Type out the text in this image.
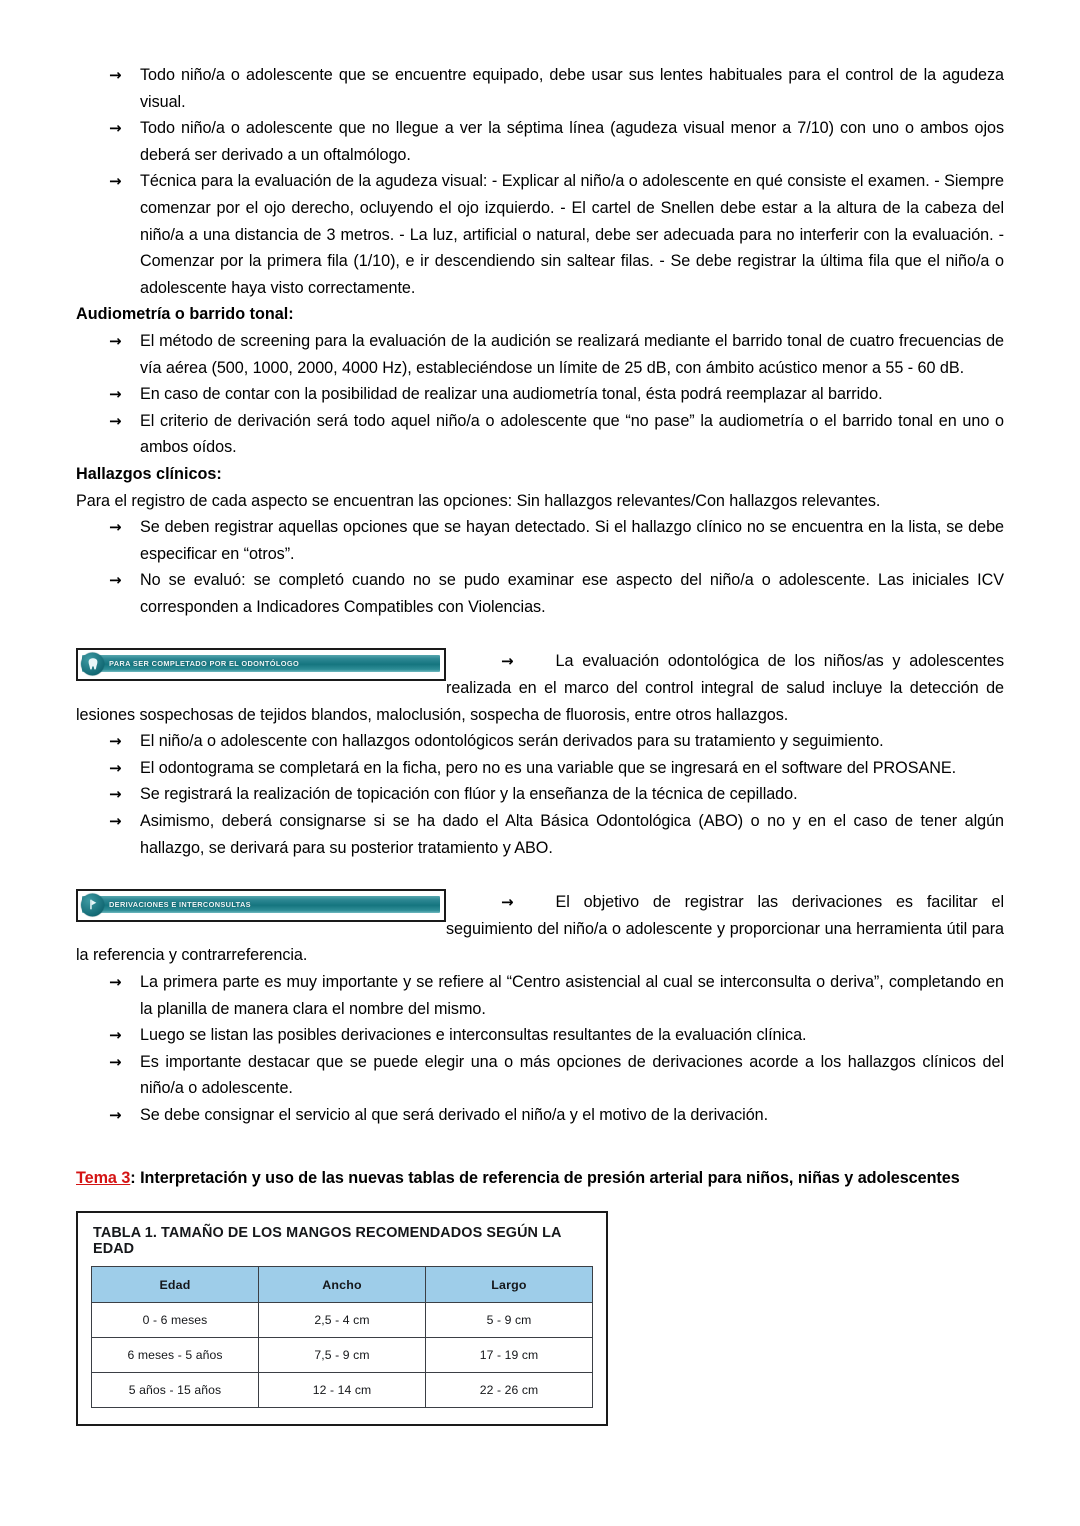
→ Todo niño/a o adolescente que se encuentre equipado, debe usar sus lentes habituales para el control de la agudeza visual.
→ Todo niño/a o adolescente que no llegue a ver la séptima línea (agudeza visual menor a 7/10) con uno o ambos ojos deberá ser derivado a un oftalmólogo.
→ Técnica para la evaluación de la agudeza visual: - Explicar al niño/a o adolescente en qué consiste el examen. - Siempre comenzar por el ojo derecho, ocluyendo el ojo izquierdo. - El cartel de Snellen debe estar a la altura de la cabeza del niño/a a una distancia de 3 metros. - La luz, artificial o natural, debe ser adecuada para no interferir con la evaluación. - Comenzar por la primera fila (1/10), e ir descendiendo sin saltear filas. - Se debe registrar la última fila que el niño/a o adolescente haya visto correctamente.

Audiometría o barrido tonal:

→ El método de screening para la evaluación de la audición se realizará mediante el barrido tonal de cuatro frecuencias de vía aérea (500, 1000, 2000, 4000 Hz), estableciéndose un límite de 25 dB, con ámbito acústico menor a 55 - 60 dB.
→ En caso de contar con la posibilidad de realizar una audiometría tonal, ésta podrá reemplazar al barrido.
→ El criterio de derivación será todo aquel niño/a o adolescente que “no pase” la audiometría o el barrido tonal en uno o ambos oídos.

Hallazgos clínicos:

Para el registro de cada aspecto se encuentran las opciones: Sin hallazgos relevantes/Con hallazgos relevantes.

→ Se deben registrar aquellas opciones que se hayan detectado. Si el hallazgo clínico no se encuentra en la lista, se debe especificar en “otros”.
→ No se evaluó: se completó cuando no se pudo examinar ese aspecto del niño/a o adolescente. Las iniciales ICV corresponden a Indicadores Compatibles con Violencias.
PARA SER COMPLETADO POR EL ODONTÓLOGO	→	La evaluación odontológica de los niños/as y adolescentes realizada en el marco del control integral de salud incluye la detección de lesiones sospechosas de tejidos blandos, maloclusión, sospecha de fluorosis, entre otros hallazgos.

→ El niño/a o adolescente con hallazgos odontológicos serán derivados para su tratamiento y seguimiento.
→ El odontograma se completará en la ficha, pero no es una variable que se ingresará en el software del PROSANE.
→ Se registrará la realización de topicación con flúor y la enseñanza de la técnica de cepillado.
→ Asimismo, deberá consignarse si se ha dado el Alta Básica Odontológica (ABO) o no y en el caso de tener algún hallazgo, se derivará para su posterior tratamiento y ABO.
DERIVACIONES E INTERCONSULTAS	→	El objetivo de registrar las derivaciones es facilitar el seguimiento del niño/a o adolescente y proporcionar una herramienta útil para la referencia y contrarreferencia.

→ La primera parte es muy importante y se refiere al “Centro asistencial al cual se interconsulta o deriva”, completando en la planilla de manera clara el nombre del mismo.
→ Luego se listan las posibles derivaciones e interconsultas resultantes de la evaluación clínica.
→ Es importante destacar que se puede elegir una o más opciones de derivaciones acorde a los hallazgos clínicos del niño/a o adolescente.
→ Se debe consignar el servicio al que será derivado el niño/a y el motivo de la derivación.

Tema 3: Interpretación y uso de las nuevas tablas de referencia de presión arterial para niños, niñas y adolescentes

TABLA 1. TAMAÑO DE LOS MANGOS RECOMENDADOS SEGÚN LA EDAD
Edad	Ancho	Largo
0 - 6 meses	2,5 - 4 cm	5 - 9 cm
6 meses - 5 años	7,5 - 9 cm	17 - 19 cm
5 años - 15 años	12 - 14 cm	22 - 26 cm
